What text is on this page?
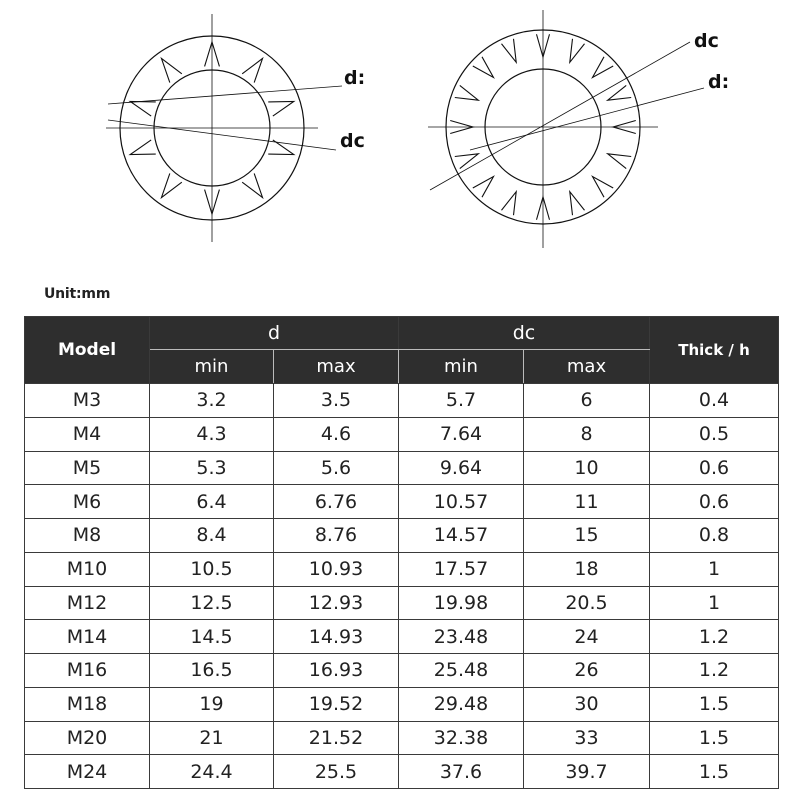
d:
dc
dc
d:
Unit:mm
Model	d		dc		Thick / h
	min	max	min	max	
M3	3.2	3.5	5.7	6	0.4
M4	4.3	4.6	7.64	8	0.5
M5	5.3	5.6	9.64	10	0.6
M6	6.4	6.76	10.57	11	0.6
M8	8.4	8.76	14.57	15	0.8
M10	10.5	10.93	17.57	18	1
M12	12.5	12.93	19.98	20.5	1
M14	14.5	14.93	23.48	24	1.2
M16	16.5	16.93	25.48	26	1.2
M18	19	19.52	29.48	30	1.5
M20	21	21.52	32.38	33	1.5
M24	24.4	25.5	37.6	39.7	1.5
